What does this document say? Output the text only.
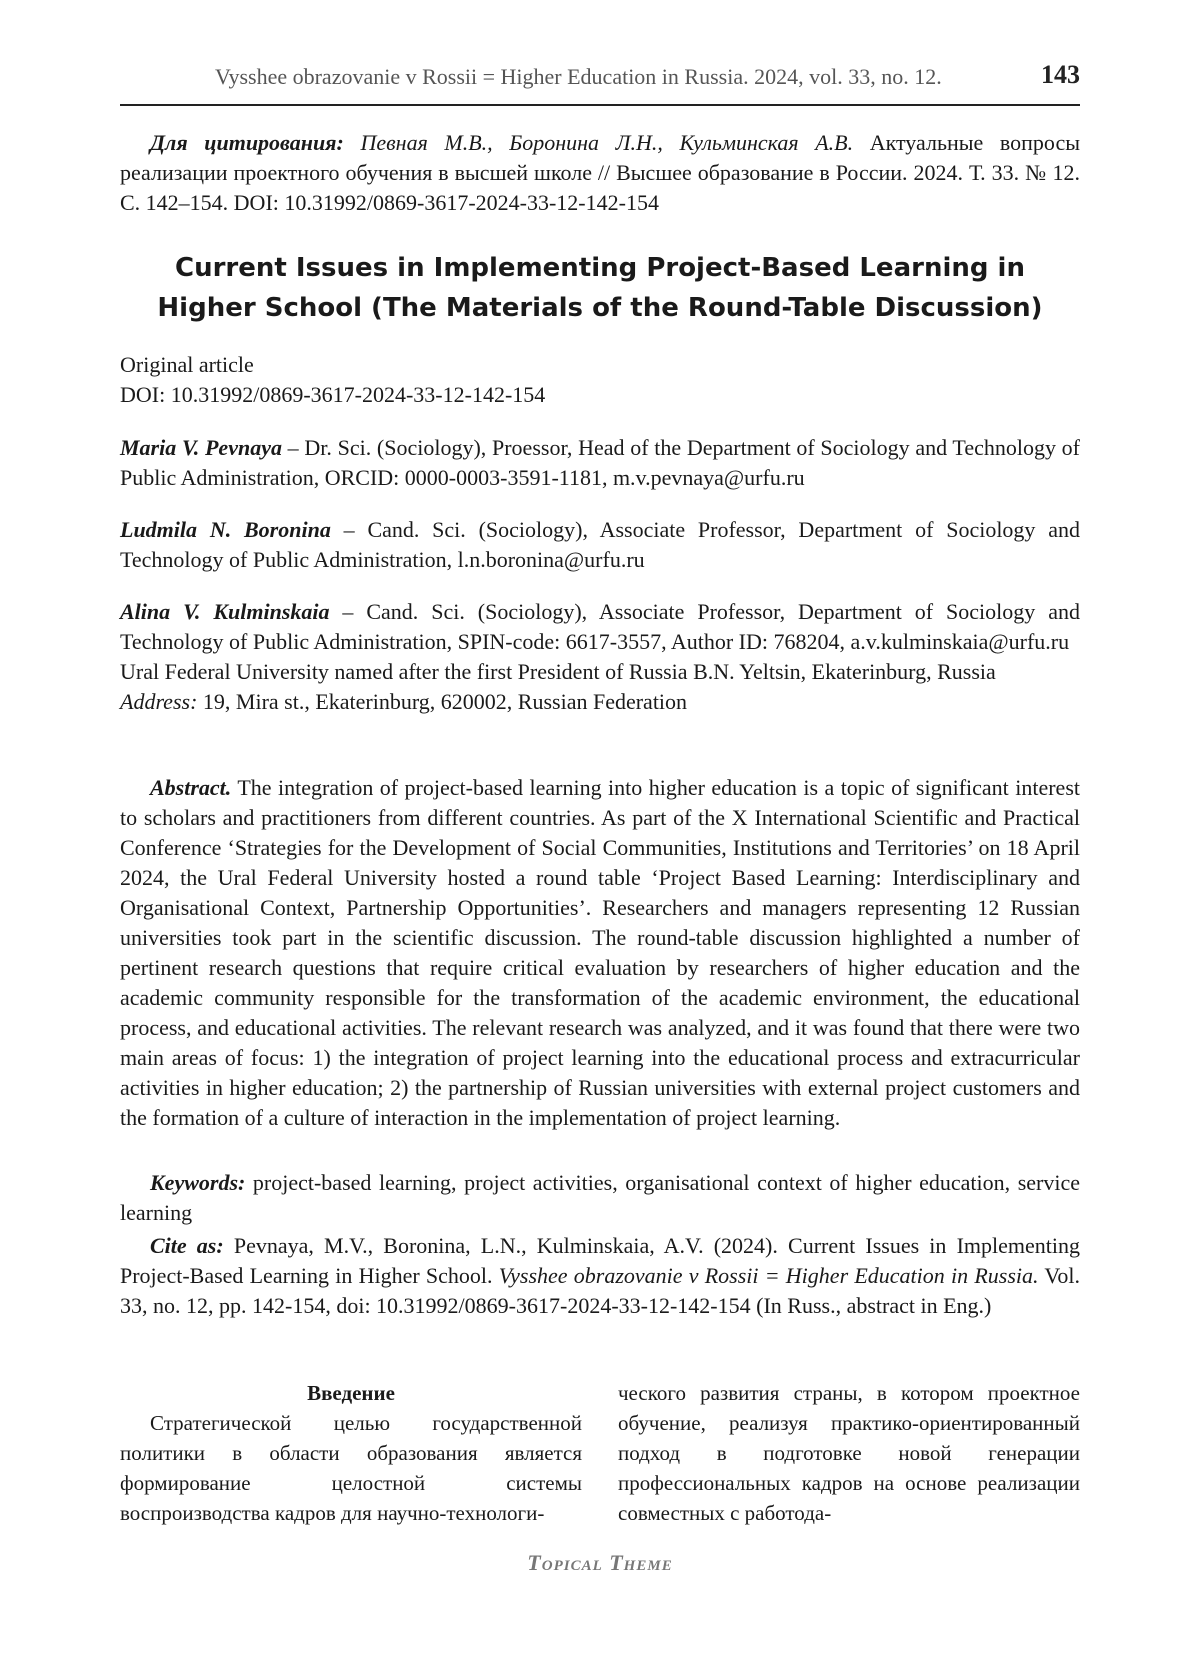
Vysshee obrazovanie v Rossii = Higher Education in Russia. 2024, vol. 33, no. 12.	143

Для цитирования: Певная М.В., Боронина Л.Н., Кульминская А.В. Актуальные вопросы реализации проектного обучения в высшей школе // Высшее образование в России. 2024. Т. 33. № 12. С. 142–154. DOI: 10.31992/0869-3617-2024-33-12-142-154

Current Issues in Implementing Project-Based Learning in
Higher School (The Materials of the Round-Table Discussion)

Original article

DOI: 10.31992/0869-3617-2024-33-12-142-154

Maria V. Pevnaya – Dr. Sci. (Sociology), Proessor, Head of the Department of Sociology and Technology of Public Administration, ORCID: 0000-0003-3591-1181, m.v.pevnaya@urfu.ru

Ludmila N. Boronina – Cand. Sci. (Sociology), Associate Professor, Department of Sociology and Technology of Public Administration, l.n.boronina@urfu.ru

Alina V. Kulminskaia – Cand. Sci. (Sociology), Associate Professor, Department of Sociology and Technology of Public Administration, SPIN-code: 6617-3557, Author ID: 768204, a.v.kulminskaia@urfu.ru

Ural Federal University named after the first President of Russia B.N. Yeltsin, Ekaterinburg, Russia

Address: 19, Mira st., Ekaterinburg, 620002, Russian Federation

Abstract. The integration of project-based learning into higher education is a topic of significant interest to scholars and practitioners from different countries. As part of the X International Scientific and Practical Conference ‘Strategies for the Development of Social Communities, Institutions and Territories’ on 18 April 2024, the Ural Federal University hosted a round table ‘Project Based Learning: Interdisciplinary and Organisational Context, Partnership Opportunities’. Researchers and managers representing 12 Russian universities took part in the scientific discussion. The round-table discussion highlighted a number of pertinent research questions that require critical evaluation by researchers of higher education and the academic community responsible for the transformation of the academic environment, the educational process, and educational activities. The relevant research was analyzed, and it was found that there were two main areas of focus: 1) the integration of project learning into the educational process and extracurricular activities in higher education; 2) the partnership of Russian universities with external project customers and the formation of a culture of interaction in the implementation of project learning.

Keywords: project-based learning, project activities, organisational context of higher education, service learning

Cite as: Pevnaya, M.V., Boronina, L.N., Kulminskaia, A.V. (2024). Current Issues in Implementing Project-Based Learning in Higher School. Vysshee obrazovanie v Rossii = Higher Education in Russia. Vol. 33, no. 12, pp. 142-154, doi: 10.31992/0869-3617-2024-33-12-142-154 (In Russ., abstract in Eng.)

Введение

Стратегической целью государственной политики в области образования является формирование целостной системы воспроизводства кадров для научно-технологи-

ческого развития страны, в котором проектное обучение, реализуя практико-ориентированный подход в подготовке новой генерации профессиональных кадров на основе реализации совместных с работода-

Topical Theme
